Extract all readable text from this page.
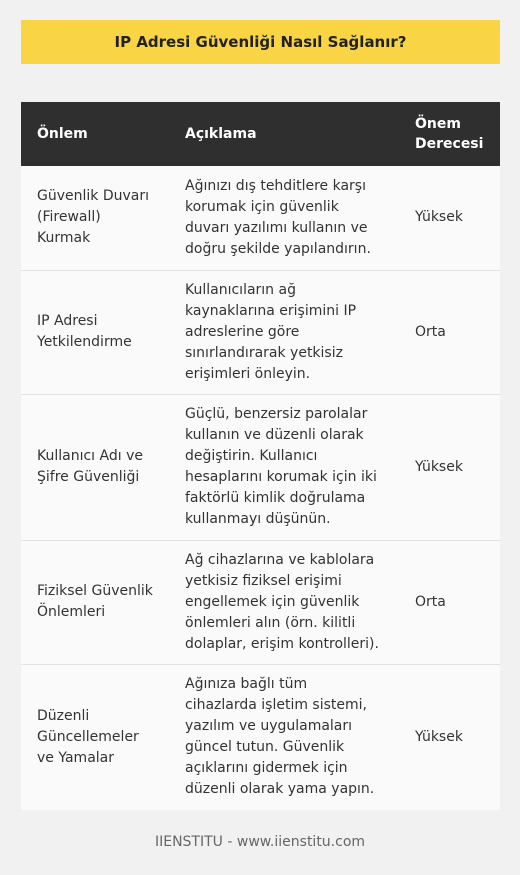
IP Adresi Güvenliği Nasıl Sağlanır?
Önlem	Açıklama	Önem Derecesi
Güvenlik Duvarı (Firewall) Kurmak	Ağınızı dış tehditlere karşı korumak için güvenlik duvarı yazılımı kullanın ve doğru şekilde yapılandırın.	Yüksek
IP Adresi Yetkilendirme	Kullanıcıların ağ kaynaklarına erişimini IP adreslerine göre sınırlandırarak yetkisiz erişimleri önleyin.	Orta
Kullanıcı Adı ve Şifre Güvenliği	Güçlü, benzersiz parolalar kullanın ve düzenli olarak değiştirin. Kullanıcı hesaplarını korumak için iki faktörlü kimlik doğrulama kullanmayı düşünün.	Yüksek
Fiziksel Güvenlik Önlemleri	Ağ cihazlarına ve kablolara yetkisiz fiziksel erişimi engellemek için güvenlik önlemleri alın (örn. kilitli dolaplar, erişim kontrolleri).	Orta
Düzenli Güncellemeler ve Yamalar	Ağınıza bağlı tüm cihazlarda işletim sistemi, yazılım ve uygulamaları güncel tutun. Güvenlik açıklarını gidermek için düzenli olarak yama yapın.	Yüksek
IIENSTITU - www.iienstitu.com
